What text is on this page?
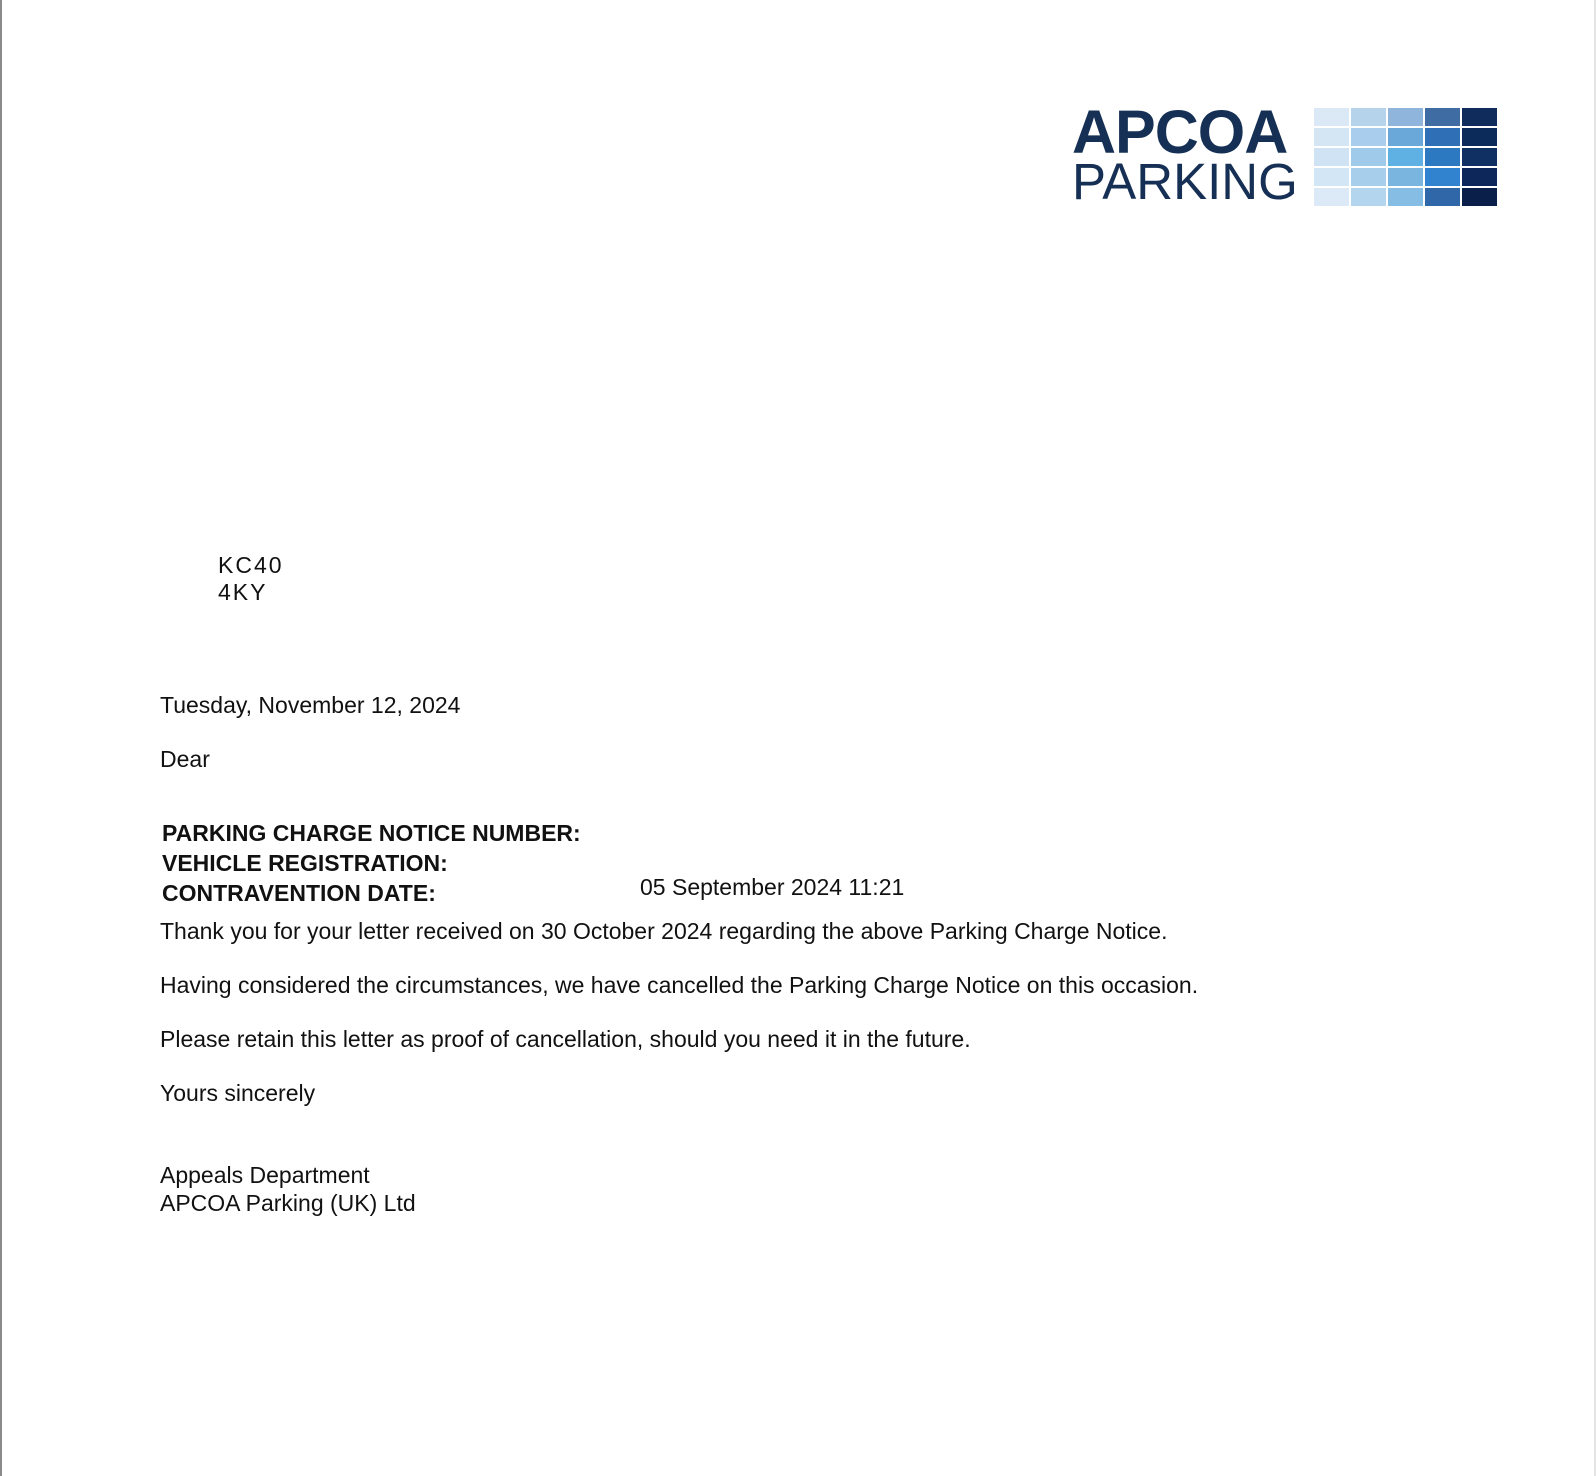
APCOA
PARKING
KC40 4KY
Tuesday, November 12, 2024
Dear
PARKING CHARGE NOTICE NUMBER:
VEHICLE REGISTRATION:
CONTRAVENTION DATE:	05 September 2024 11:21
Thank you for your letter received on 30 October 2024 regarding the above Parking Charge Notice.
Having considered the circumstances, we have cancelled the Parking Charge Notice on this occasion.
Please retain this letter as proof of cancellation, should you need it in the future.
Yours sincerely
Appeals Department
APCOA Parking (UK) Ltd
